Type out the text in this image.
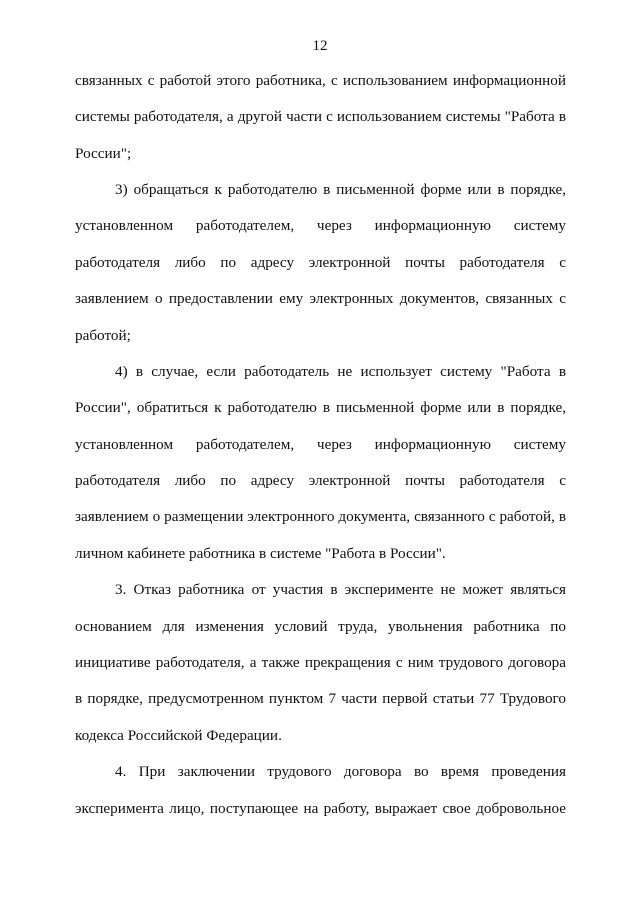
12
связанных с работой этого работника, с использованием информационной
системы работодателя, а другой части с использованием системы "Работа в
России";
3) обращаться к работодателю в письменной форме или в порядке,
установленном работодателем, через информационную систему
работодателя либо по адресу электронной почты работодателя с
заявлением о предоставлении ему электронных документов, связанных с
работой;
4) в случае, если работодатель не использует систему "Работа в
России", обратиться к работодателю в письменной форме или в порядке,
установленном работодателем, через информационную систему
работодателя либо по адресу электронной почты работодателя с
заявлением о размещении электронного документа, связанного с работой, в
личном кабинете работника в системе "Работа в России".
3. Отказ работника от участия в эксперименте не может являться
основанием для изменения условий труда, увольнения работника по
инициативе работодателя, а также прекращения с ним трудового договора
в порядке, предусмотренном пунктом 7 части первой статьи 77 Трудового
кодекса Российской Федерации.
4. При заключении трудового договора во время проведения
эксперимента лицо, поступающее на работу, выражает свое добровольное
